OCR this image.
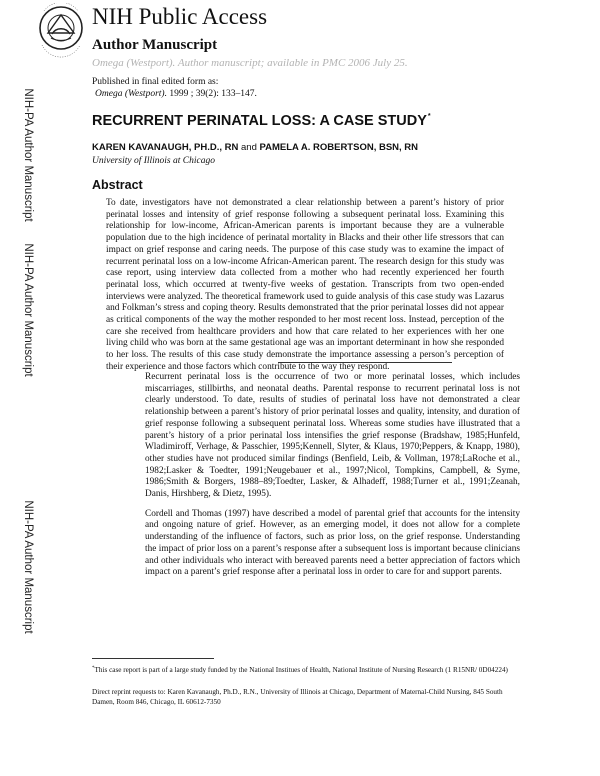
NIH Public Access
Author Manuscript
Omega (Westport). Author manuscript; available in PMC 2006 July 25.
Published in final edited form as:
Omega (Westport). 1999 ; 39(2): 133–147.
RECURRENT PERINATAL LOSS: A CASE STUDY*
KAREN KAVANAUGH, PH.D., RN and PAMELA A. ROBERTSON, BSN, RN
University of Illinois at Chicago
Abstract

To date, investigators have not demonstrated a clear relationship between a parent’s history of prior perinatal losses and intensity of grief response following a subsequent perinatal loss. Examining this relationship for low-income, African-American parents is important because they are a vulnerable population due to the high incidence of perinatal mortality in Blacks and their other life stressors that can impact on grief response and caring needs. The purpose of this case study was to examine the impact of recurrent perinatal loss on a low-income African-American parent. The research design for this study was case report, using interview data collected from a mother who had recently experienced her fourth perinatal loss, which occurred at twenty-five weeks of gestation. Transcripts from two open-ended interviews were analyzed. The theoretical framework used to guide analysis of this case study was Lazarus and Folkman’s stress and coping theory. Results demonstrated that the prior perinatal losses did not appear as critical components of the way the mother responded to her most recent loss. Instead, perception of the care she received from healthcare providers and how that care related to her experiences with her one living child who was born at the same gestational age was an important determinant in how she responded to her loss. The results of this case study demonstrate the importance assessing a person’s perception of their experience and those factors which contribute to the way they respond.

Recurrent perinatal loss is the occurrence of two or more perinatal losses, which includes miscarriages, stillbirths, and neonatal deaths. Parental response to recurrent perinatal loss is not clearly understood. To date, results of studies of perinatal loss have not demonstrated a clear relationship between a parent’s history of prior perinatal losses and quality, intensity, and duration of grief response following a subsequent perinatal loss. Whereas some studies have illustrated that a parent’s history of a prior perinatal loss intensifies the grief response (Bradshaw, 1985;Hunfeld, Wladimiroff, Verhage, & Passchier, 1995;Kennell, Slyter, & Klaus, 1970;Peppers, & Knapp, 1980), other studies have not produced similar findings (Benfield, Leib, & Vollman, 1978;LaRoche et al., 1982;Lasker & Toedter, 1991;Neugebauer et al., 1997;Nicol, Tompkins, Campbell, & Syme, 1986;Smith & Borgers, 1988–89;Toedter, Lasker, & Alhadeff, 1988;Turner et al., 1991;Zeanah, Danis, Hirshberg, & Dietz, 1995).

Cordell and Thomas (1997) have described a model of parental grief that accounts for the intensity and ongoing nature of grief. However, as an emerging model, it does not allow for a complete understanding of the influence of factors, such as prior loss, on the grief response. Understanding the impact of prior loss on a parent’s response after a subsequent loss is important because clinicians and other individuals who interact with bereaved parents need a better appreciation of factors which impact on a parent’s grief response after a perinatal loss in order to care for and support parents.

*This case report is part of a large study funded by the National Institues of Health, National Institute of Nursing Research (1 R15NR/ 0D04224)
Direct reprint requests to: Karen Kavanaugh, Ph.D., R.N., University of Illinois at Chicago, Department of Maternal-Child Nursing, 845 South Damen, Room 846, Chicago, IL 60612-7350
NIH-PA Author Manuscript
NIH-PA Author Manuscript
NIH-PA Author Manuscript
